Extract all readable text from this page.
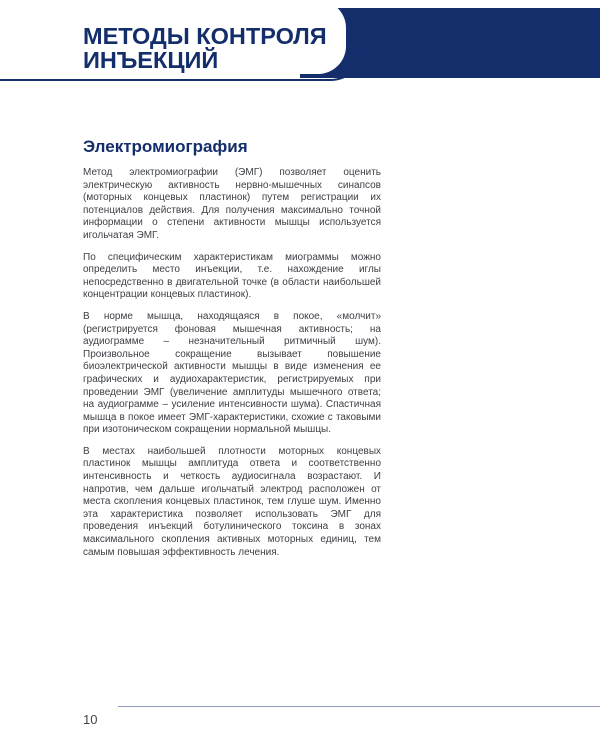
МЕТОДЫ КОНТРОЛЯ
ИНЪЕКЦИЙ
Электромиография

Метод электромиографии (ЭМГ) позволяет оценить электрическую активность нервно-мышечных синапсов (моторных концевых пластинок) путем регистрации их потенциалов действия. Для получения максимально точной информации о степени активности мышцы используется игольчатая ЭМГ.

По специфическим характеристикам миограммы можно определить место инъекции, т.е. нахождение иглы непосредственно в двигательной точке (в области наибольшей концентрации концевых пластинок).

В норме мышца, находящаяся в покое, «молчит» (регистрируется фоновая мышечная активность; на аудиограмме – незначительный ритмичный шум). Произвольное сокращение вызывает повышение биоэлектрической активности мышцы в виде изменения ее графических и аудиохарактеристик, регистрируемых при проведении ЭМГ (увеличение амплитуды мышечного ответа; на аудиограмме – усиление интенсивности шума). Спастичная мышца в покое имеет ЭМГ-характеристики, схожие с таковыми при изотоническом сокращении нормальной мышцы.

В местах наибольшей плотности моторных концевых пластинок мышцы амплитуда ответа и соответственно интенсивность и четкость аудиосигнала возрастают. И напротив, чем дальше игольчатый электрод расположен от места скопления концевых пластинок, тем глуше шум. Именно эта характеристика позволяет использовать ЭМГ для проведения инъекций ботулинического токсина в зонах максимального скопления активных моторных единиц, тем самым повышая эффективность лечения.

10
